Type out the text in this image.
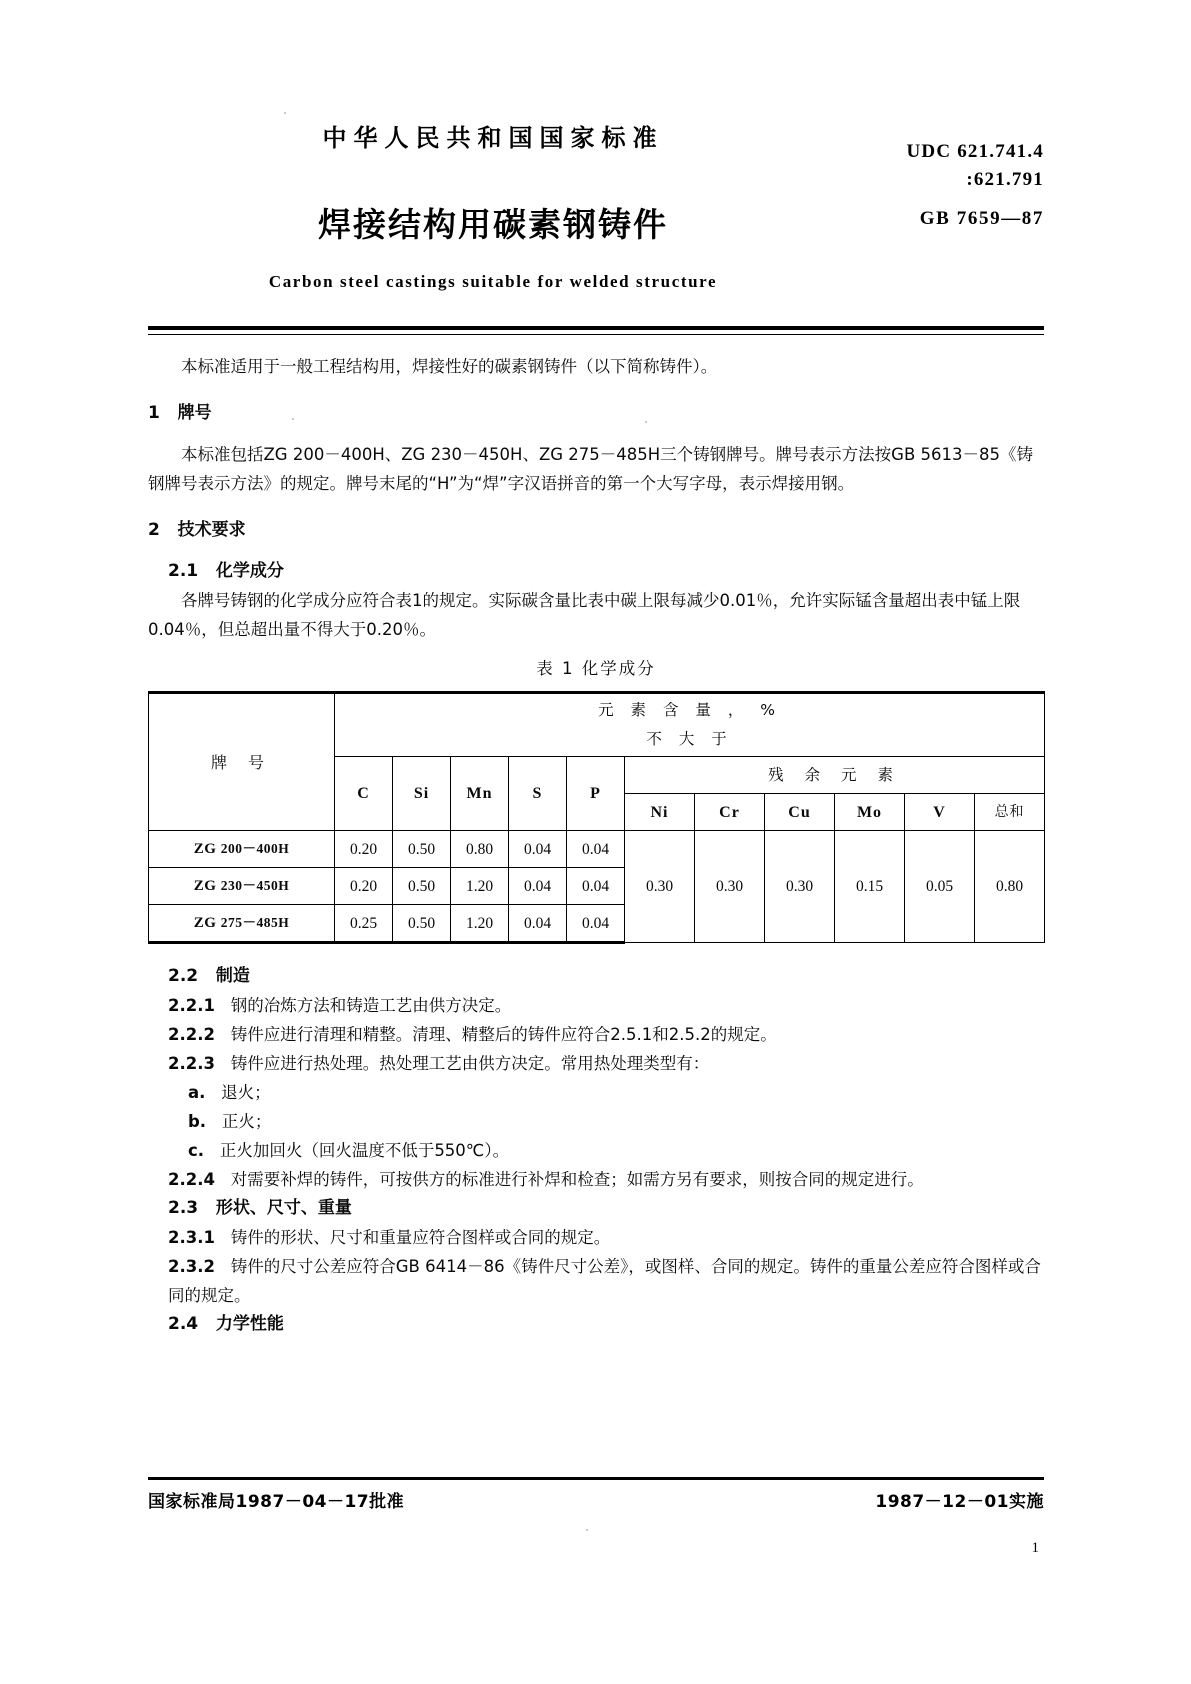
中华人民共和国国家标准
焊接结构用碳素钢铸件
Carbon steel castings suitable for welded structure
UDC 621.741.4
:621.791
GB 7659—87

本标准适用于一般工程结构用，焊接性好的碳素钢铸件（以下简称铸件）。

1 牌号

本标准包括ZG 200－400H、ZG 230－450H、ZG 275－485H三个铸钢牌号。牌号表示方法按GB 5613－85《铸钢牌号表示方法》的规定。牌号末尾的“H”为“焊”字汉语拼音的第一个大写字母，表示焊接用钢。

2 技术要求
2.1 化学成分

各牌号铸钢的化学成分应符合表1的规定。实际碳含量比表中碳上限每减少0.01％，允许实际锰含量超出表中锰上限0.04％，但总超出量不得大于0.20％。

表 1 化学成分
牌 号	元 素 含 量 ， %
不 大 于										

	C	Si	Mn	S	P	残 余 元 素					
						Ni	Cr	Cu	Mo	V	总和
ZG 200－400H	0.20	0.50	0.80	0.04	0.04	0.30	0.30	0.30	0.15	0.05	0.80
ZG 230－450H	0.20	0.50	1.20	0.04	0.04						
ZG 275－485H	0.25	0.50	1.20	0.04	0.04						
2.2 制造
2.2.1 钢的冶炼方法和铸造工艺由供方决定。
2.2.2 铸件应进行清理和精整。清理、精整后的铸件应符合2.5.1和2.5.2的规定。
2.2.3 铸件应进行热处理。热处理工艺由供方决定。常用热处理类型有：
a. 退火；
b. 正火；
c. 正火加回火（回火温度不低于550℃）。
2.2.4 对需要补焊的铸件，可按供方的标准进行补焊和检查；如需方另有要求，则按合同的规定进行。
2.3 形状、尺寸、重量
2.3.1 铸件的形状、尺寸和重量应符合图样或合同的规定。
2.3.2 铸件的尺寸公差应符合GB 6414－86《铸件尺寸公差》，或图样、合同的规定。铸件的重量公差应符合图样或合同的规定。
2.4 力学性能
国家标准局1987－04－17批准	1987－12－01实施
1
